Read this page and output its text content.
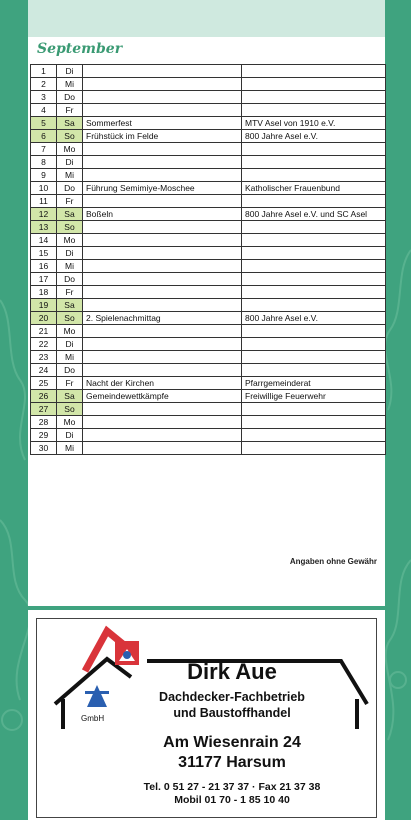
September
1	Di		
2	Mi		
3	Do		
4	Fr		
5	Sa	Sommerfest	MTV Asel von 1910 e.V.
6	So	Frühstück im Felde	800 Jahre Asel e.V.
7	Mo		
8	Di		
9	Mi		
10	Do	Führung Semimiye-Moschee	Katholischer Frauenbund
11	Fr		
12	Sa	Boßeln	800 Jahre Asel e.V. und SC Asel
13	So		
14	Mo		
15	Di		
16	Mi		
17	Do		
18	Fr		
19	Sa		
20	So	2. Spielenachmittag	800 Jahre Asel e.V.
21	Mo		
22	Di		
23	Mi		
24	Do		
25	Fr	Nacht der Kirchen	Pfarrgemeinderat
26	Sa	Gemeindewettkämpfe	Freiwillige Feuerwehr
27	So		
28	Mo		
29	Di		
30	Mi		
Angaben ohne Gewähr
GmbH
Dirk Aue
Dachdecker-Fachbetrieb
und Baustoffhandel
Am Wiesenrain 24
31177 Harsum
Tel. 0 51 27 - 21 37 37 · Fax 21 37 38
Mobil 01 70 - 1 85 10 40
